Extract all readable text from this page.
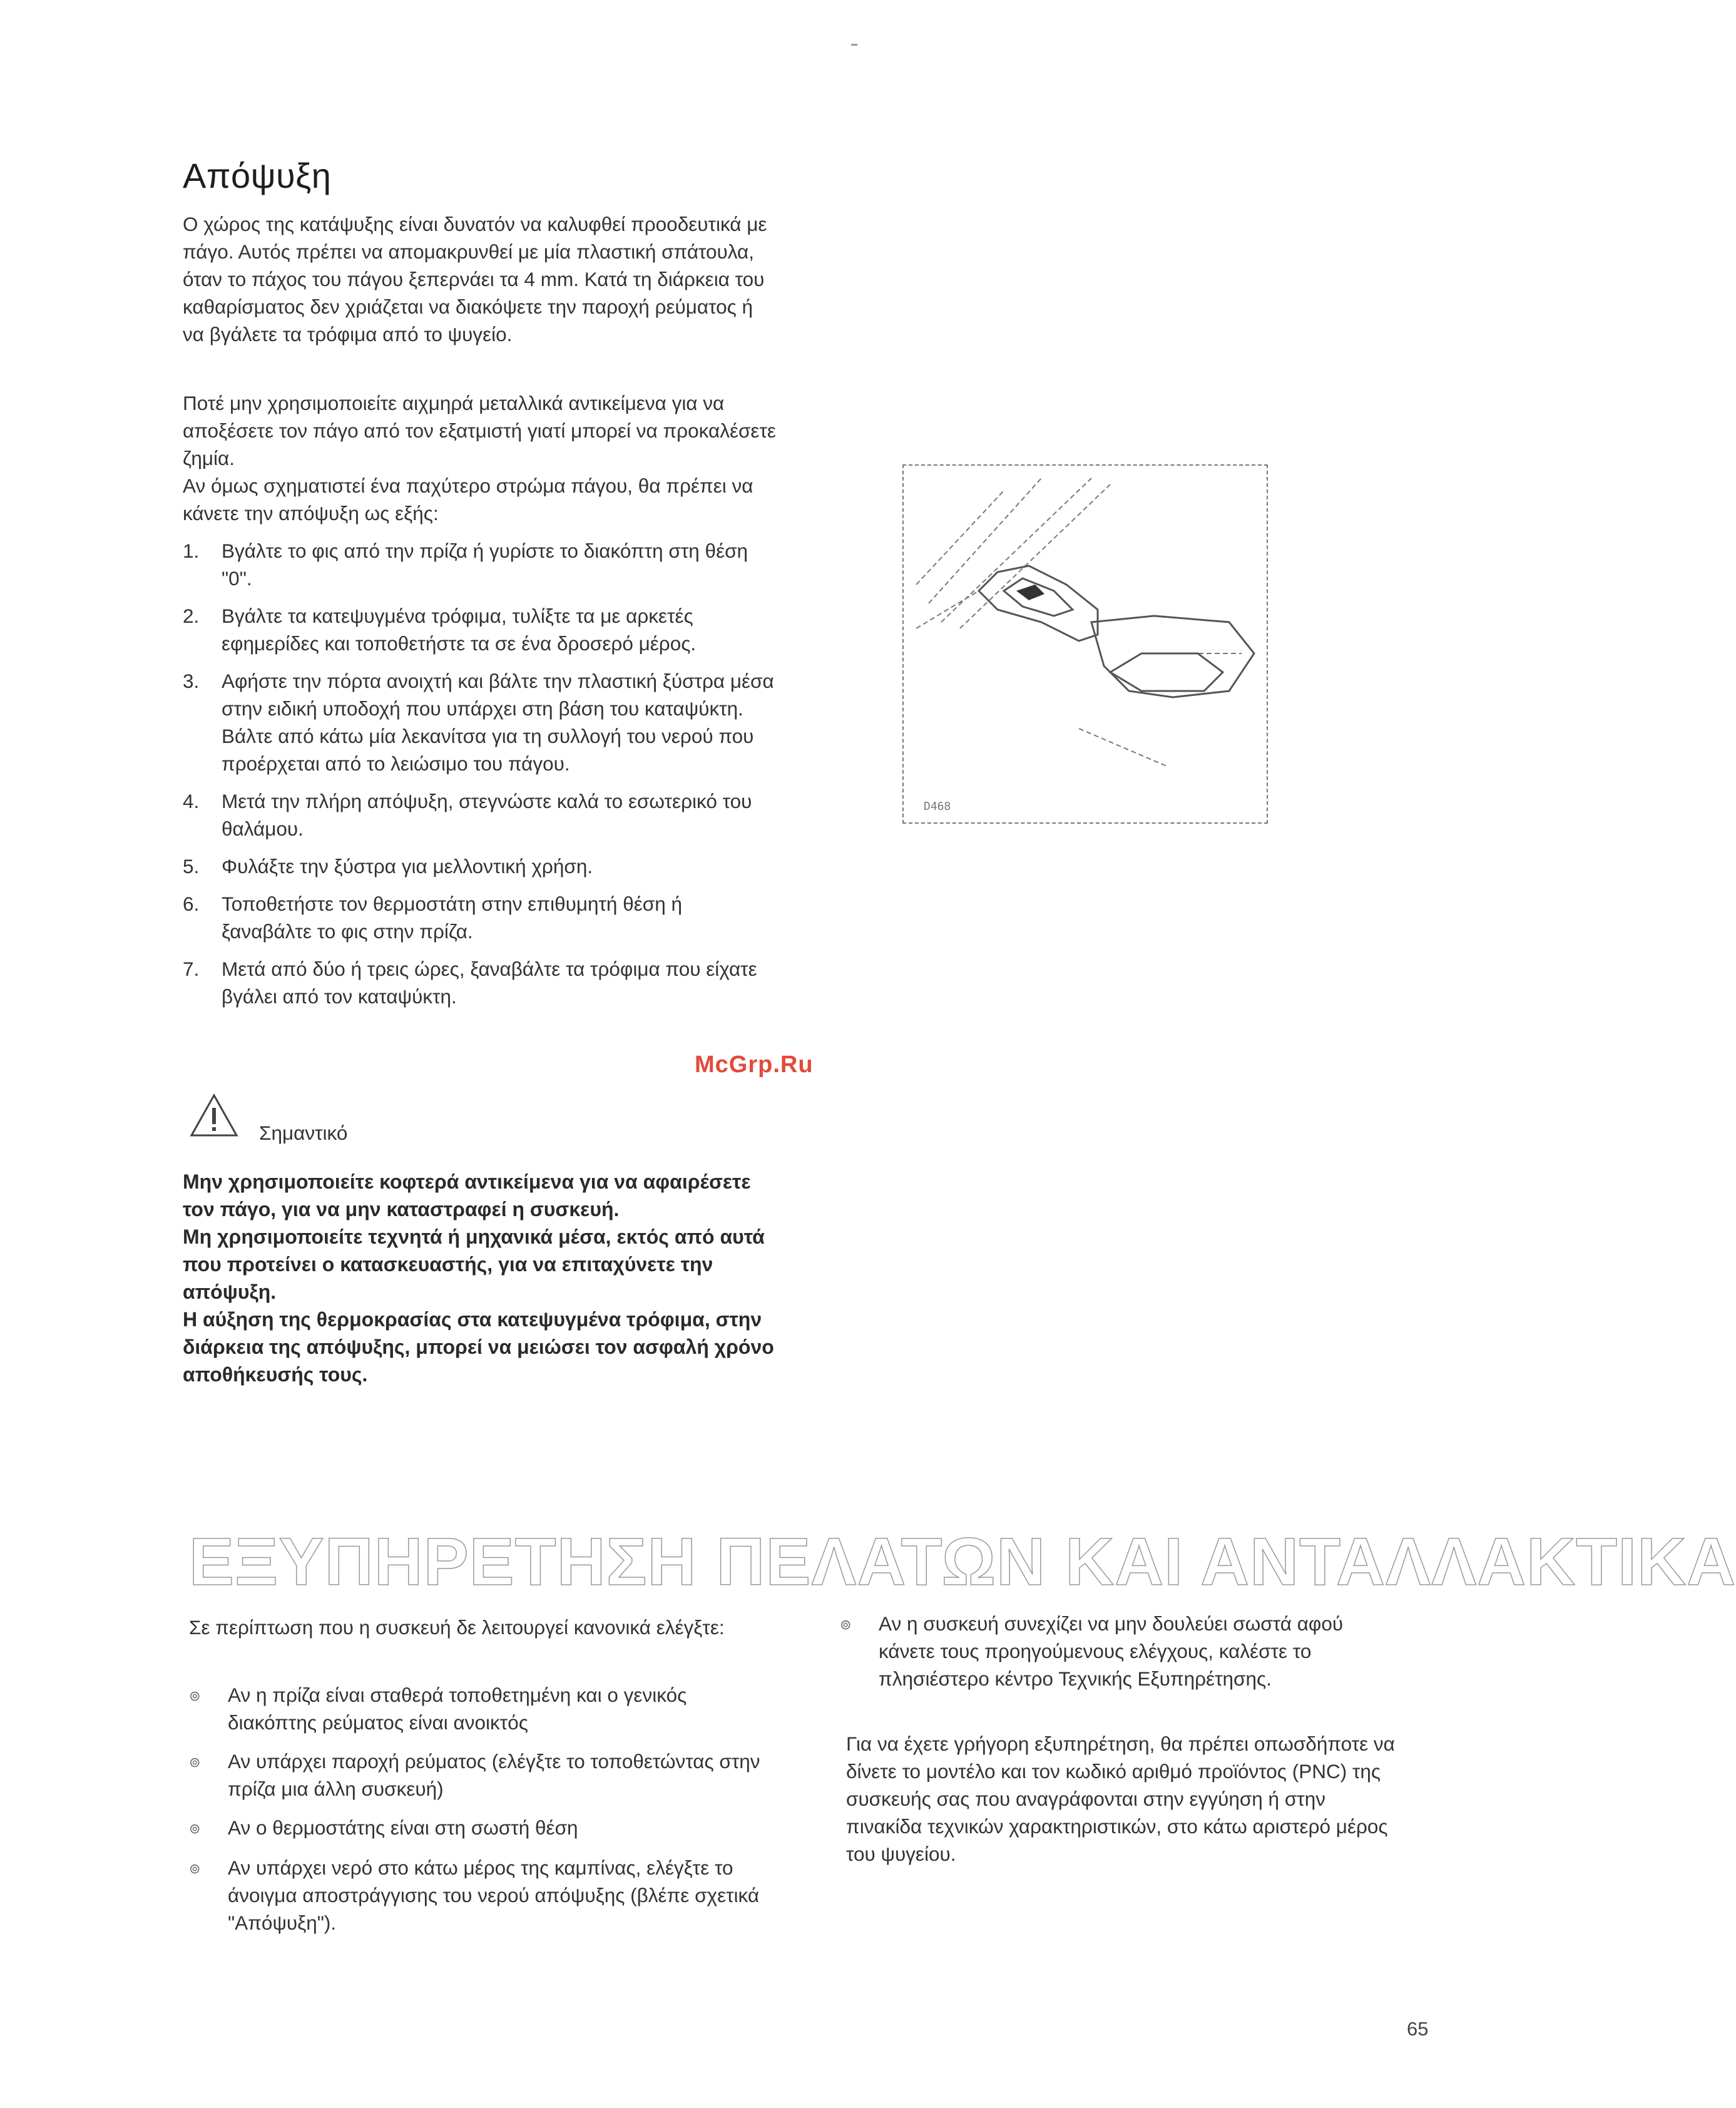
Απόψυξη

Ο χώρος της κατάψυξης είναι δυνατόν να καλυφθεί προοδευτικά με πάγο. Αυτός πρέπει να απομακρυνθεί με μία πλαστική σπάτουλα, όταν το πάχος του πάγου ξεπερνάει τα 4 mm. Κατά τη διάρκεια του καθαρίσματος δεν χριάζεται να διακόψετε την παροχή ρεύματος ή να βγάλετε τα τρόφιμα από το ψυγείο.

Ποτέ μην χρησιμοποιείτε αιχμηρά μεταλλικά αντικείμενα για να αποξέσετε τον πάγο από τον εξατμιστή γιατί μπορεί να προκαλέσετε ζημία.

Αν όμως σχηματιστεί ένα παχύτερο στρώμα πάγου, θα πρέπει να κάνετε την απόψυξη ως εξής:

1.	Βγάλτε το φις από την πρίζα ή γυρίστε το διακόπτη στη θέση "0".
2.	Βγάλτε τα κατεψυγμένα τρόφιμα, τυλίξτε τα με αρκετές εφημερίδες και τοποθετήστε τα σε ένα δροσερό μέρος.
3.	Αφήστε την πόρτα ανοιχτή και βάλτε την πλαστική ξύστρα μέσα στην ειδική υποδοχή που υπάρχει στη βάση του καταψύκτη. Βάλτε από κάτω μία λεκανίτσα για τη συλλογή του νερού που προέρχεται από το λειώσιμο του πάγου.
4.	Μετά την πλήρη απόψυξη, στεγνώστε καλά το εσωτερικό του θαλάμου.
5.	Φυλάξτε την ξύστρα για μελλοντική χρήση.
6.	Τοποθετήστε τον θερμοστάτη στην επιθυμητή θέση ή ξαναβάλτε το φις στην πρίζα.
7.	Μετά από δύο ή τρεις ώρες, ξαναβάλτε τα τρόφιμα που είχατε βγάλει από τον καταψύκτη.
McGrp.Ru
Σημαντικό
Μην χρησιμοποιείτε κοφτερά αντικείμενα για να αφαιρέσετε τον πάγο, για να μην καταστραφεί η συσκευή.
Μη χρησιμοποιείτε τεχνητά ή μηχανικά μέσα, εκτός από αυτά που προτείνει ο κατασκευαστής, για να επιταχύνετε την απόψυξη.
Η αύξηση της θερμοκρασίας στα κατεψυγμένα τρόφιμα, στην διάρκεια της απόψυξης, μπορεί να μειώσει τον ασφαλή χρόνο αποθήκευσής τους.
D468
ΕΞΥΠΗΡΕΤΗΣΗ ΠΕΛΑΤΩΝ ΚΑΙ ΑΝΤΑΛΛΑΚΤΙΚΑ
Σε περίπτωση που η συσκευή δε λειτουργεί κανονικά ελέγξτε:
⊚	Αν η πρίζα είναι σταθερά τοποθετημένη και ο γενικός διακόπτης ρεύματος είναι ανοικτός
⊚	Αν υπάρχει παροχή ρεύματος (ελέγξτε το τοποθετώντας στην πρίζα μια άλλη συσκευή)
⊚	Αν ο θερμοστάτης είναι στη σωστή θέση
⊚	Αν υπάρχει νερό στο κάτω μέρος της καμπίνας, ελέγξτε το άνοιγμα αποστράγγισης του νερού απόψυξης (βλέπε σχετικά "Απόψυξη").
⊚	Αν η συσκευή συνεχίζει να μην δουλεύει σωστά αφού κάνετε τους προηγούμενους ελέγχους, καλέστε το πλησιέστερο κέντρο Τεχνικής Εξυπηρέτησης.
Για να έχετε γρήγορη εξυπηρέτηση, θα πρέπει οπωσδήποτε να δίνετε το μοντέλο και τον κωδικό αριθμό προϊόντος (PNC) της συσκευής σας που αναγράφονται στην εγγύηση ή στην πινακίδα τεχνικών χαρακτηριστικών, στο κάτω αριστερό μέρος του ψυγείου.
65
